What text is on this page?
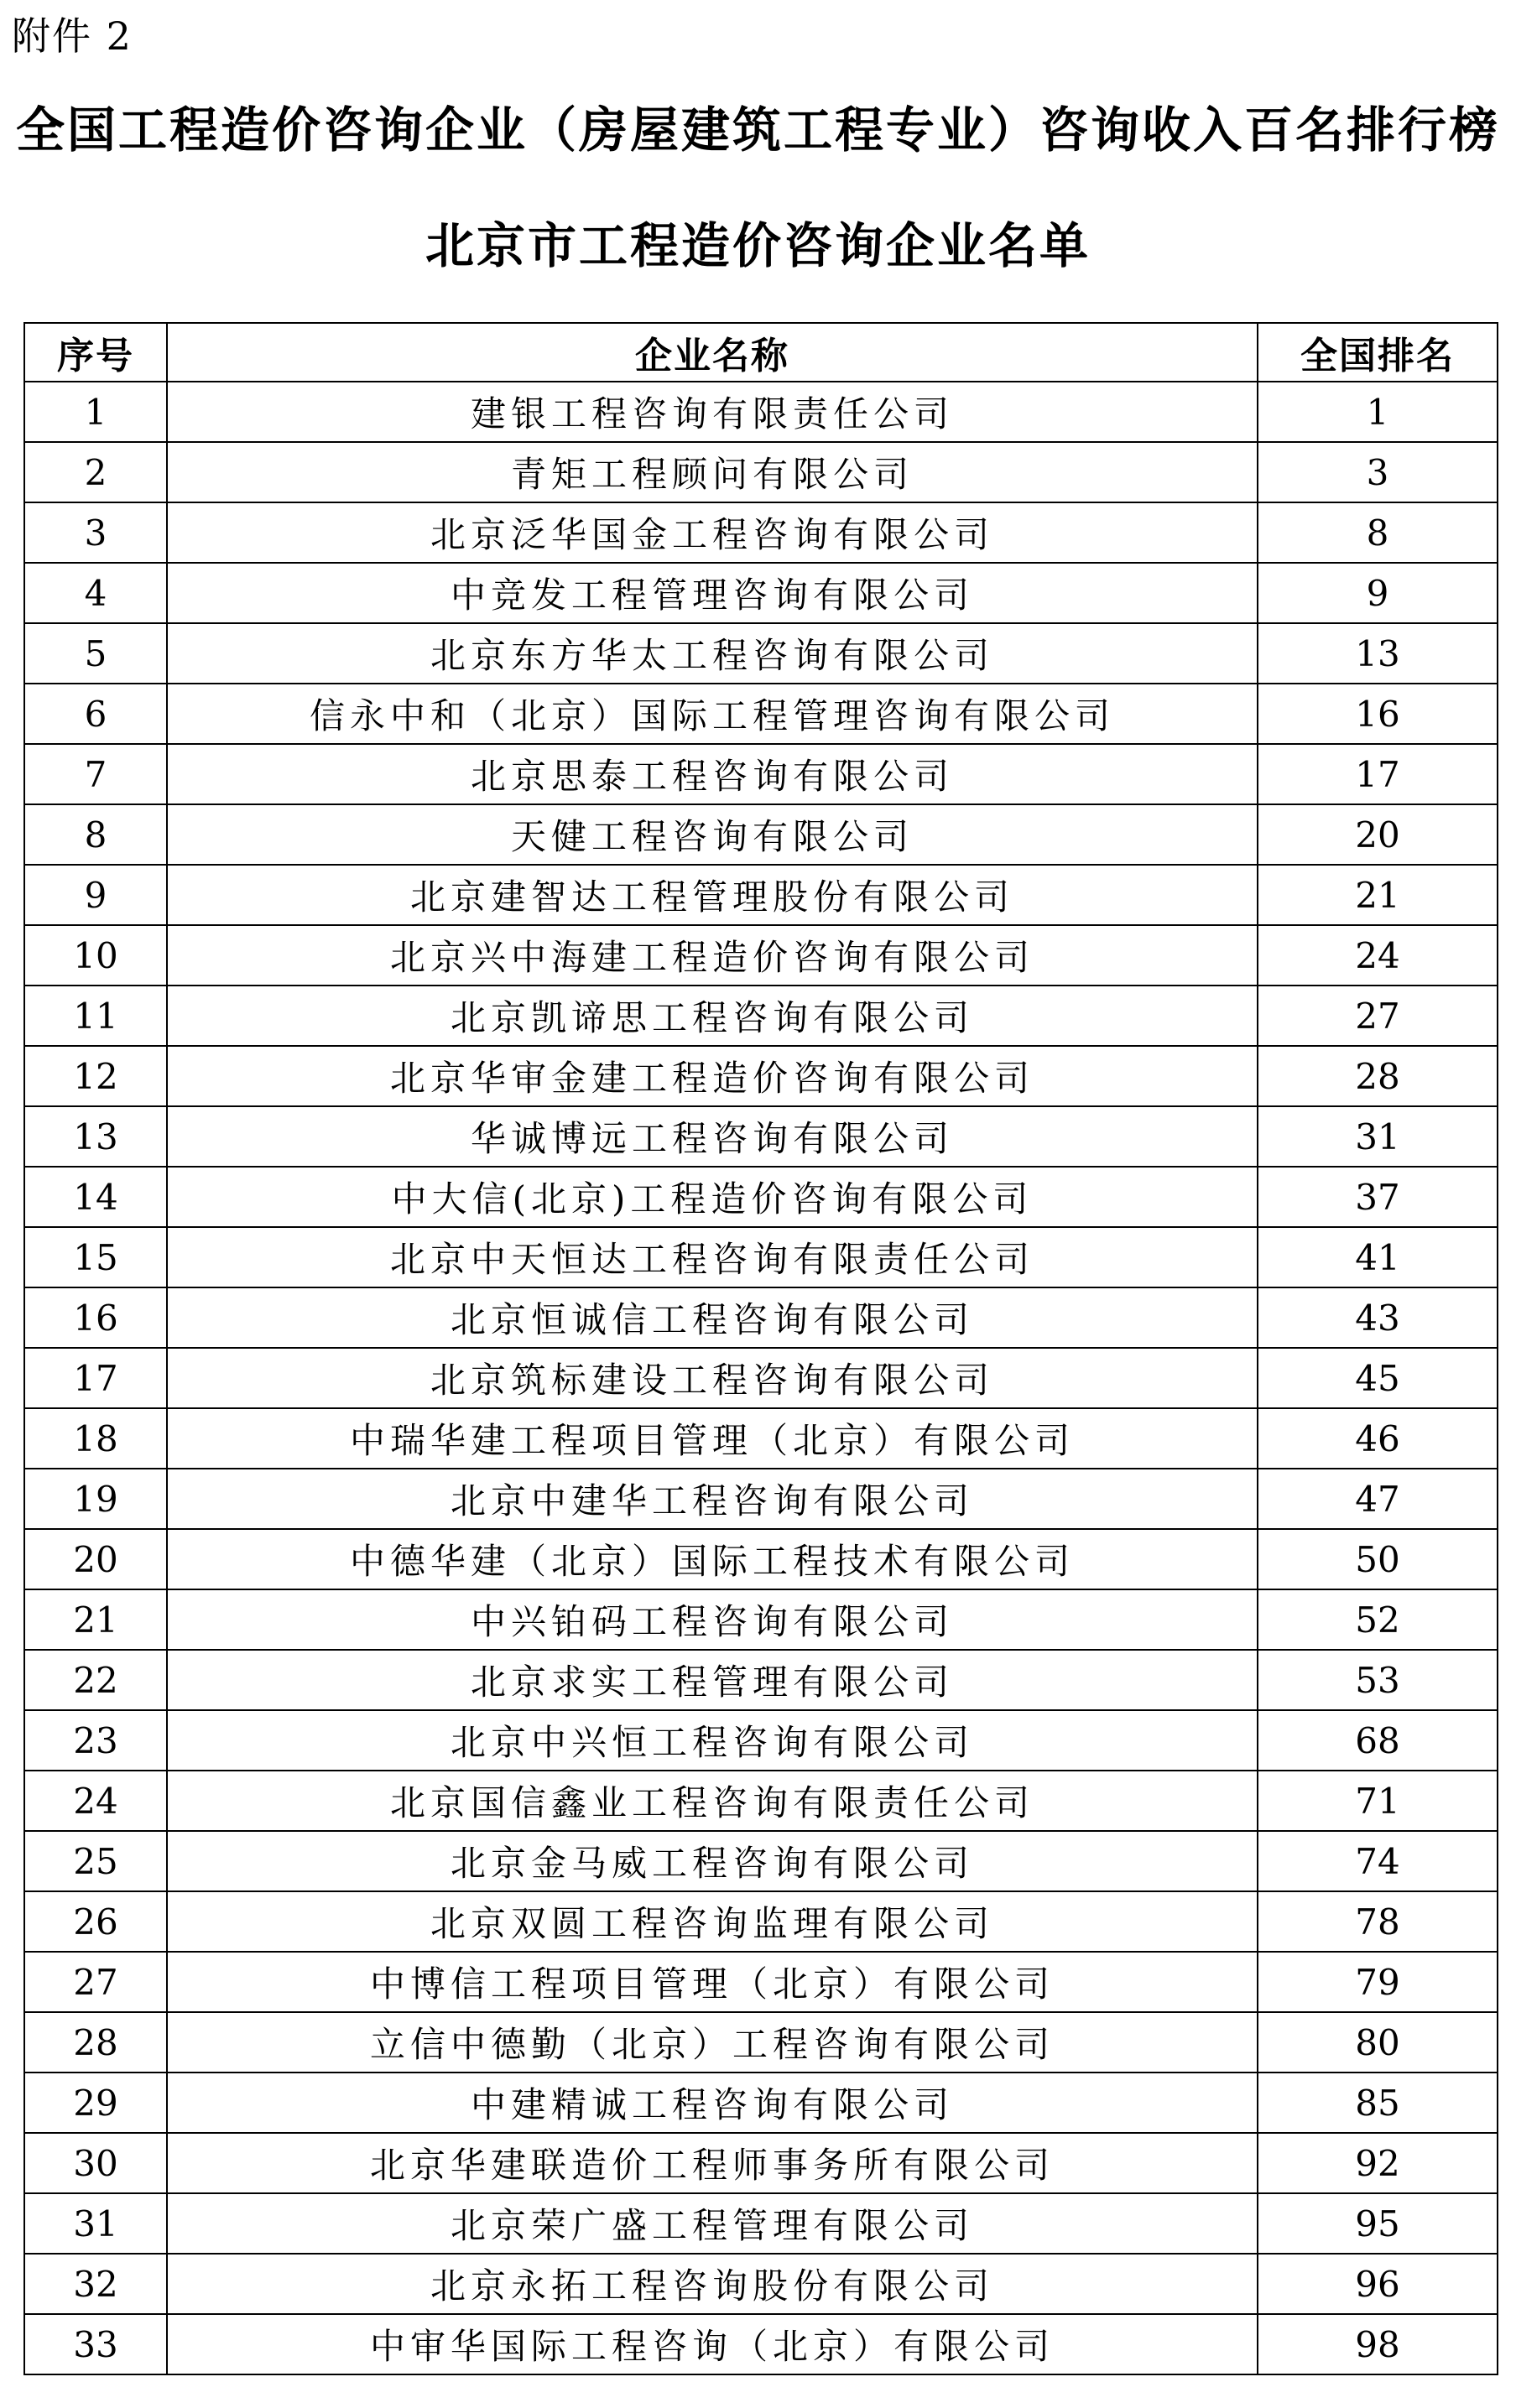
附件 2
全国工程造价咨询企业（房屋建筑工程专业）咨询收入百名排行榜
北京市工程造价咨询企业名单
序号	企业名称	全国排名
1	建银工程咨询有限责任公司	1
2	青矩工程顾问有限公司	3
3	北京泛华国金工程咨询有限公司	8
4	中竞发工程管理咨询有限公司	9
5	北京东方华太工程咨询有限公司	13
6	信永中和（北京）国际工程管理咨询有限公司	16
7	北京思泰工程咨询有限公司	17
8	天健工程咨询有限公司	20
9	北京建智达工程管理股份有限公司	21
10	北京兴中海建工程造价咨询有限公司	24
11	北京凯谛思工程咨询有限公司	27
12	北京华审金建工程造价咨询有限公司	28
13	华诚博远工程咨询有限公司	31
14	中大信(北京)工程造价咨询有限公司	37
15	北京中天恒达工程咨询有限责任公司	41
16	北京恒诚信工程咨询有限公司	43
17	北京筑标建设工程咨询有限公司	45
18	中瑞华建工程项目管理（北京）有限公司	46
19	北京中建华工程咨询有限公司	47
20	中德华建（北京）国际工程技术有限公司	50
21	中兴铂码工程咨询有限公司	52
22	北京求实工程管理有限公司	53
23	北京中兴恒工程咨询有限公司	68
24	北京国信鑫业工程咨询有限责任公司	71
25	北京金马威工程咨询有限公司	74
26	北京双圆工程咨询监理有限公司	78
27	中博信工程项目管理（北京）有限公司	79
28	立信中德勤（北京）工程咨询有限公司	80
29	中建精诚工程咨询有限公司	85
30	北京华建联造价工程师事务所有限公司	92
31	北京荣广盛工程管理有限公司	95
32	北京永拓工程咨询股份有限公司	96
33	中审华国际工程咨询（北京）有限公司	98
